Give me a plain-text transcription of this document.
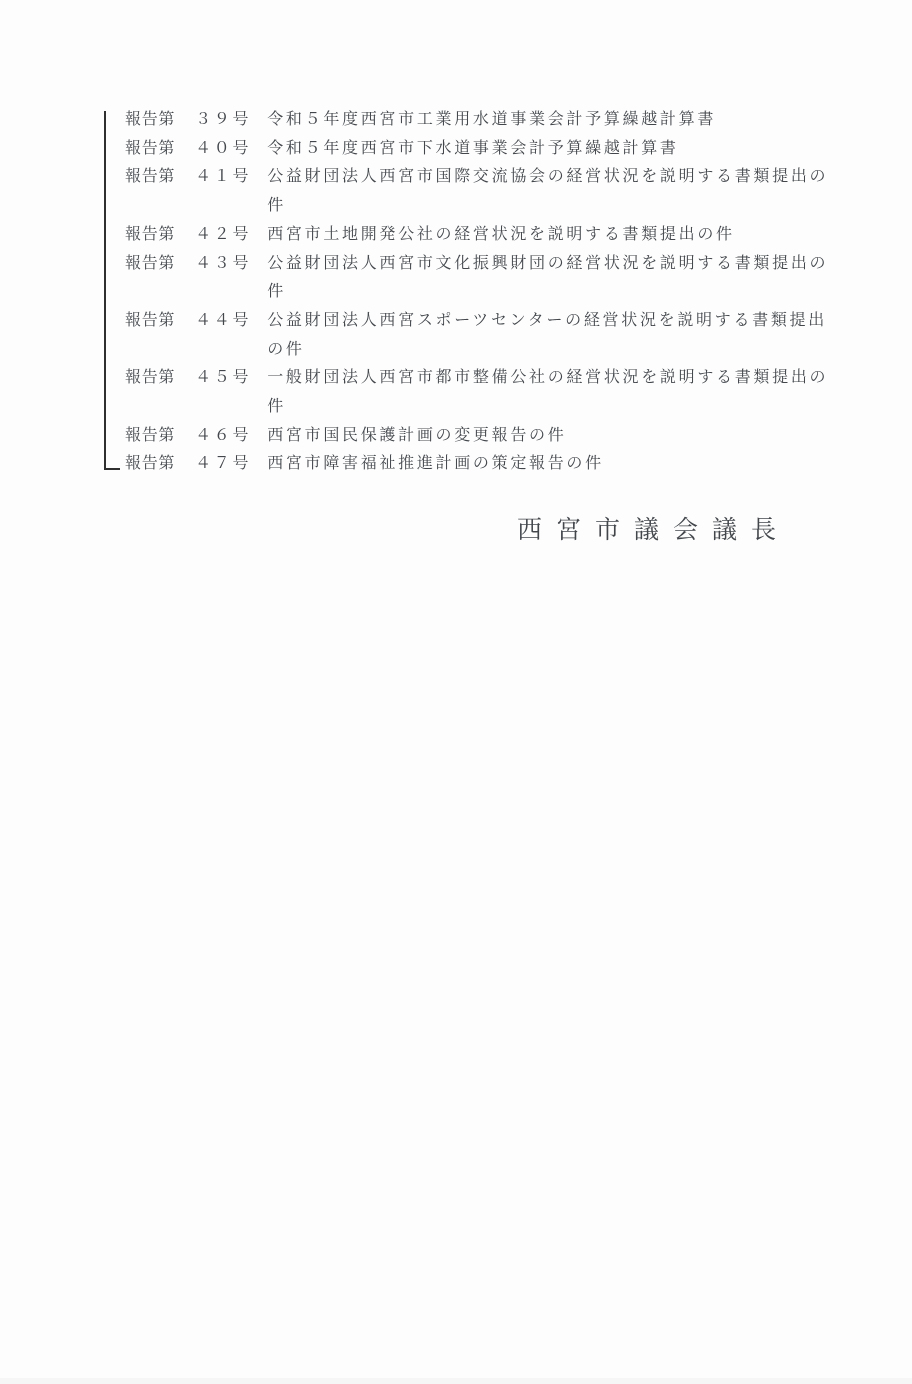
報告第 ３９号 令和５年度西宮市工業用水道事業会計予算繰越計算書
報告第 ４０号 令和５年度西宮市下水道事業会計予算繰越計算書
報告第 ４１号 公益財団法人西宮市国際交流協会の経営状況を説明する書類提出の件
報告第 ４２号 西宮市土地開発公社の経営状況を説明する書類提出の件
報告第 ４３号 公益財団法人西宮市文化振興財団の経営状況を説明する書類提出の件
報告第 ４４号 公益財団法人西宮スポーツセンターの経営状況を説明する書類提出の件
報告第 ４５号 一般財団法人西宮市都市整備公社の経営状況を説明する書類提出の件
報告第 ４６号 西宮市国民保護計画の変更報告の件
報告第 ４７号 西宮市障害福祉推進計画の策定報告の件
西宮市議会議長
